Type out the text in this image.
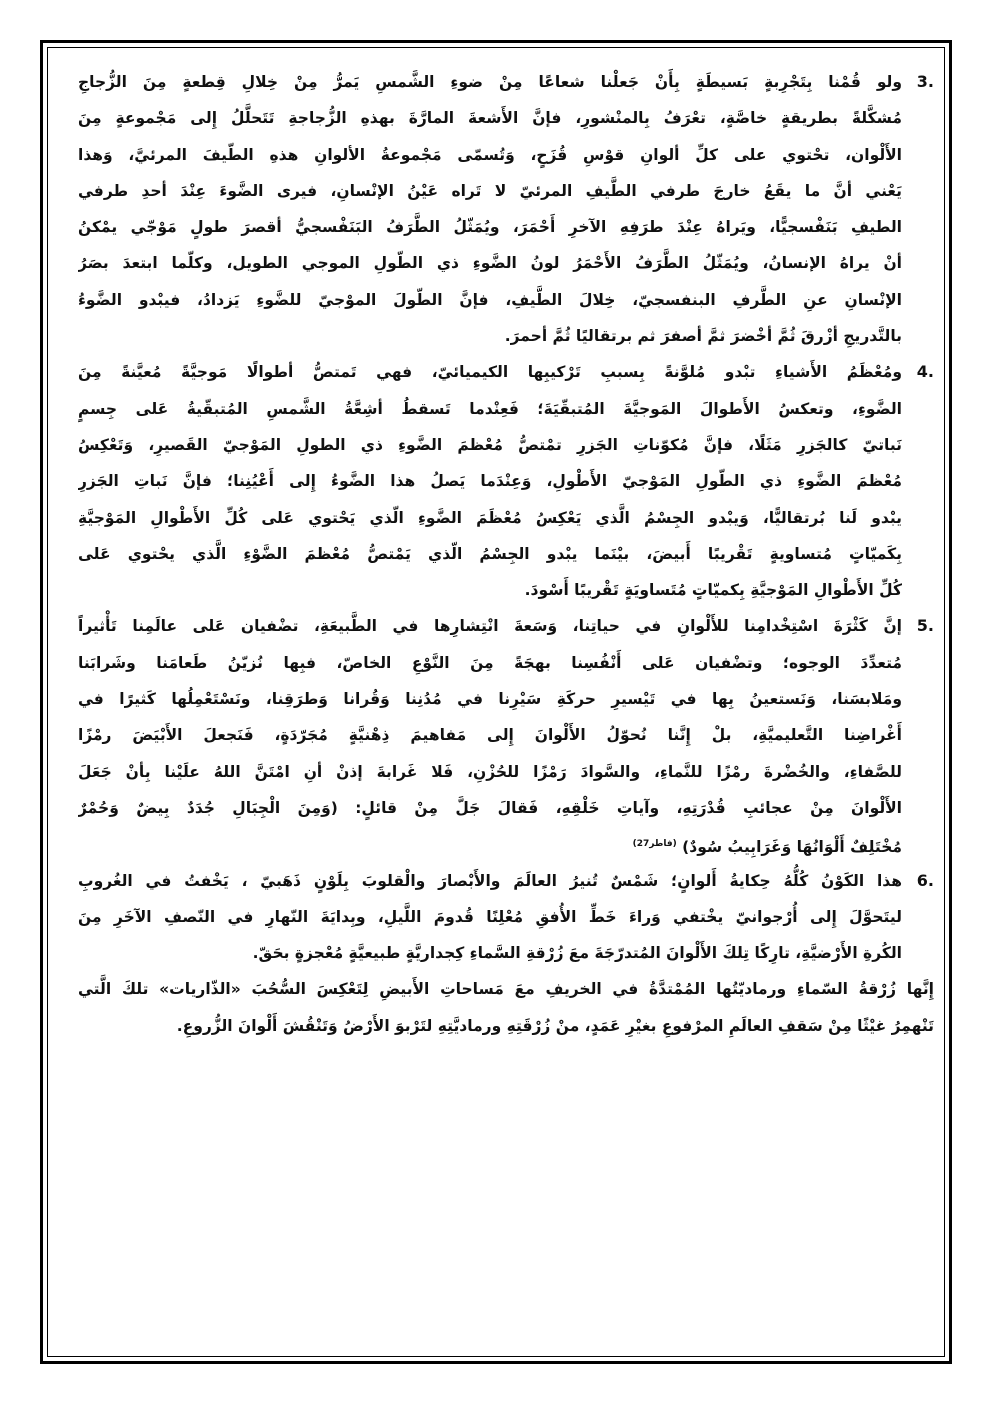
3.
ولو قُمْنا بِتَجْرِبةٍ بَسيطَةٍ بِأَنْ جَعلْنا شعاعًا مِنْ ضوءِ الشَّمسِ يَمرُّ مِنْ خِلالِ قِطعةٍ مِنَ الزُّجاجِ
مُشكَّلةً بطريقةٍ خاصَّةٍ، تعْرَفُ بِالمنْشورِ، فإنَّ الأَشعةَ المارَّةَ بهذهِ الزُّجاجةِ تَتَحلَّلُ إِلى مَجْموعةٍ مِنَ
الأَلْوان، تحْتوي على كلِّ ألوانِ قوْسِ قُزَحٍ، وَتُسمّى مَجْموعةُ الألوانِ هذهِ الطّيفَ المرئيَّ، وَهذا
يَعْني أنَّ ما يقَعُ خارجَ طرفي الطَّيفِ المرئيّ لا تَراه عَيْنُ الإنْسانِ، فيرى الضَّوءَ عِنْدَ أحدِ طرفي
الطيفِ بَنَفْسجيًّا، ويَراهُ عِنْدَ طرَفِهِ الآخرِ أَحْمَرَ، ويُمَثّلُ الطَّرَفُ البَنَفْسجيُّ أقصرَ طولٍ مَوْجّي يمْكنُ
أنْ يراهُ الإنسانُ، ويُمَثّلُ الطَّرَفُ الأَحْمَرُ لونُ الضَّوءِ ذي الطّولِ الموجي الطويل، وكلّما ابتعدَ بصَرُ
الإنْسانِ عنِ الطَّرفِ البنفسجيّ، خِلالَ الطَّيفِ، فإنَّ الطّولَ الموْجيّ للضَّوءِ يَزدادُ، فيبْدو الضَّوءُ
بالتَّدريجِ أزْرقَ ثُمَّ أخْضرَ ثمَّ أصفرَ ثم برتقاليًا ثُمَّ أحمرَ.
4.
ومُعْظَمُ الأَشياءِ تبْدو مُلوَّنةً بِسببِ تَرْكيبِها الكيميائيّ، فهي تَمتصُّ أطوالًا مَوجيَّةً مُعيَّنةً مِنَ
الضَّوءِ، وتعكسُ الأَطوالَ المَوجيَّةَ المُتبقّيَةَ؛ فَعِنْدما تَسقطُ أشِعَّةُ الشَّمسِ المُتبقّيةُ عَلى جِسمٍ
نَباتيّ كالجَزرِ مَثَلًا، فإنَّ مُكوّناتِ الجَزرِ تمْتصُّ مُعْظمَ الضَّوءِ ذي الطولِ المَوْجيّ القَصيرِ، وَتَعْكِسُ
مُعْظمَ الضَّوءِ ذي الطّولِ المَوْجيّ الأَطْولِ، وَعِنْدَما يَصلُ هذا الضَّوءُ إِلى أَعْيُنِنا؛ فإنَّ نَباتِ الجَزرِ
يبْدو لَنا بُرتقاليًّا، وَيبْدو الجِسْمُ الَّذي يَعْكِسُ مُعْظَمَ الضَّوءِ الّذي يَحْتوي عَلى كُلِّ الأَطْوالِ المَوْجيَّةِ
بِكَميّاتٍ مُتساويةٍ تَقْريبًا أَبيضَ، بيْنَما يبْدو الجِسْمُ الّذي يَمْتصُّ مُعْظمَ الضَّوْءِ الَّذي يحْتوي عَلى
كُلِّ الأَطْوالِ المَوْجيَّةِ بِكميّاتٍ مُتَساويَةٍ تَقْريبًا أَسْودَ.
5.
إنَّ كَثْرَةَ اسْتِخْدامِنا للأَلْوانِ في حياتِنا، وَسَعةَ انْتِشارِها في الطَّبيعَةِ، تضْفيان عَلى عالَمِنا تَأْثيراً
مُتعدِّدَ الوجوه؛ وتضْفيان عَلى أَنْفُسِنا بهجَةً مِنَ النَّوْعِ الخاصّ، فبِها نُزيّنُ طَعامَنا وشَرابَنا
ومَلابسَنا، وَنَستعينُ بِها في تَيْسيرِ حركَةِ سَيْرِنا في مُدُنِنا وَقُرانا وَطرَقِنا، ونَسْتَعْمِلُها كَثيرًا في
أَغْراضِنا التَّعليميَّةِ، بلْ إِنَّنا نُحوّلُ الأَلْوانَ إِلى مَفاهيمَ ذِهْنيَّةٍ مُجَرّدَةٍ، فَنَجعلَ الأَبْيَضَ رمْزًا
للصَّفاءِ، والخُضْرةَ رمْزًا للنَّماءِ، والسَّوادَ رَمْزًا للحُزْنِ، فَلا غَرابةَ إذنْ أنِ امْتَنَّ اللهُ علَيْنا بِأنْ جَعَلَ
الأَلْوانَ مِنْ عجائبِ قُدْرَتِهِ، وآياتِ خَلْقِهِ، فَقالَ جَلَّ مِنْ قائلٍ: (وَمِنَ الْجِبَالِ جُدَدٌ بِيضٌ وَحُمْرٌ
مُخْتَلِفٌ أَلْوَانُهَا وَغَرَابِيبُ سُودٌ) $^{(فاطر27)}$
6.
هذا الكَوْنُ كُلُّهُ حِكايةُ أَلوانٍ؛ شَمْسٌ تُنيرُ العالَمَ والأَبْصارَ والْقلوبَ بِلَوْنٍ ذَهَبيّ ، يَخْفتُ في الغُروبِ
ليتَحوَّلَ إِلى أُرْجوانيّ يخْتفي وَراءَ خَطِّ الأُفقِ مُعْلِنًا قُدومَ اللَّيلِ، وبِدايَةَ النّهارِ في النّصفِ الآخَرِ مِنَ
الكُرةِ الأَرْضيَّةِ، تارِكًا تِلكَ الأَلْوانَ المُتدرّجَةَ معَ زُرْقةِ السَّماءِ كِجداريَّةٍ طبيعيَّةٍ مُعْجزةٍ بحَقّ.
إِنَّها زُرْقةُ السّماءِ ورماديّتُها المُمْتدَّةُ في الخريفِ معَ مَساحاتِ الأَبيضِ لِتَعْكِسَ السُّحُبَ «الذّاريات» تلكَ الَّتي
تَنْهمِرُ غيْثًا مِنْ سَقفِ العالَمِ المرْفوعِ بغيْرِ عَمَدٍ، منْ زُرْقَتِهِ ورماديَّتِهِ لتَرْبوَ الأَرْضُ وَتَنْقُشَ أَلْوانَ الزُّروعِ.
